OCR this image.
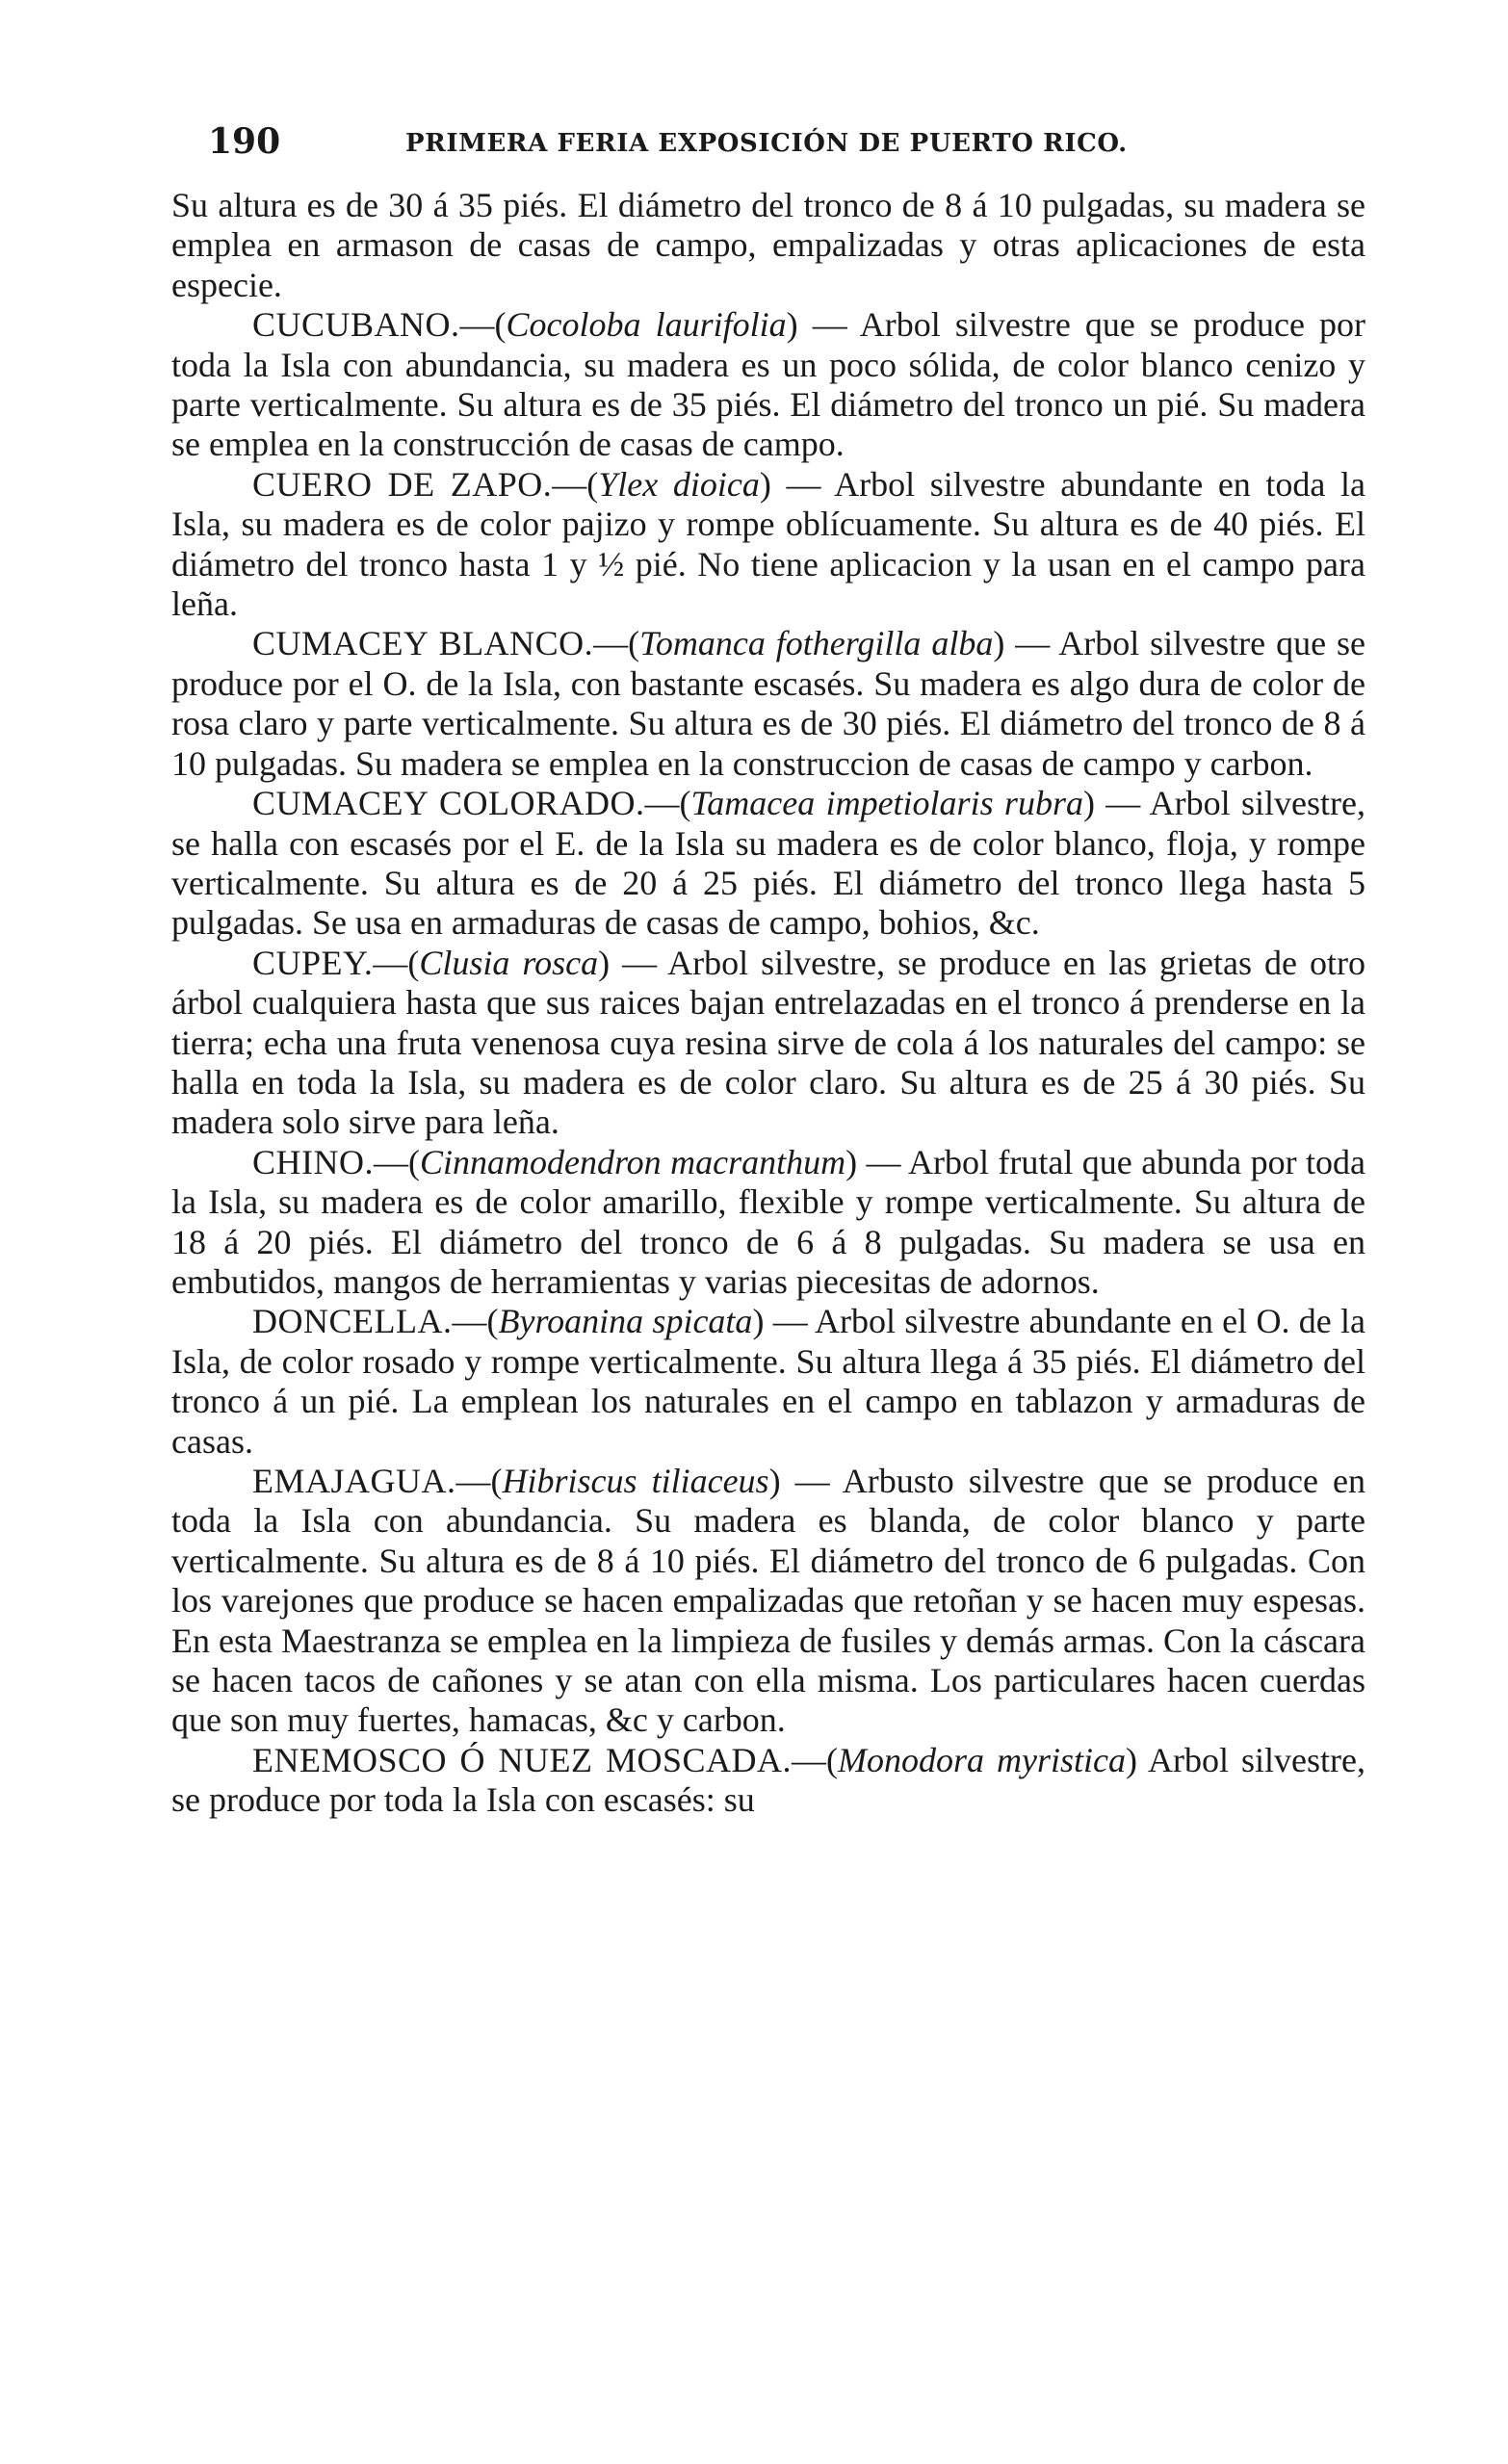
190	PRIMERA FERIA EXPOSICIÓN DE PUERTO RICO.

Su altura es de 30 á 35 piés. El diámetro del tronco de 8 á 10 pulgadas, su madera se emplea en armason de casas de campo, empalizadas y otras aplicaciones de esta especie.

CUCUBANO.—(Cocoloba laurifolia) — Arbol silvestre que se produce por toda la Isla con abundancia, su madera es un poco sólida, de color blanco cenizo y parte verticalmente. Su altura es de 35 piés. El diámetro del tronco un pié. Su madera se emplea en la construcción de casas de campo.

CUERO DE ZAPO.—(Ylex dioica) — Arbol silvestre abundante en toda la Isla, su madera es de color pajizo y rompe oblícuamente. Su altura es de 40 piés. El diámetro del tronco hasta 1 y ½ pié. No tiene aplicacion y la usan en el campo para leña.

CUMACEY BLANCO.—(Tomanca fothergilla alba) — Arbol silvestre que se produce por el O. de la Isla, con bastante escasés. Su madera es algo dura de color de rosa claro y parte verticalmente. Su altura es de 30 piés. El diámetro del tronco de 8 á 10 pulgadas. Su madera se emplea en la construccion de casas de campo y carbon.

CUMACEY COLORADO.—(Tamacea impetiolaris rubra) — Arbol silvestre, se halla con escasés por el E. de la Isla su madera es de color blanco, floja, y rompe verticalmente. Su altura es de 20 á 25 piés. El diámetro del tronco llega hasta 5 pulgadas. Se usa en armaduras de casas de campo, bohios, &c.

CUPEY.—(Clusia rosca) — Arbol silvestre, se produce en las grietas de otro árbol cualquiera hasta que sus raices bajan entrelazadas en el tronco á prenderse en la tierra; echa una fruta venenosa cuya resina sirve de cola á los naturales del campo: se halla en toda la Isla, su madera es de color claro. Su altura es de 25 á 30 piés. Su madera solo sirve para leña.

CHINO.—(Cinnamodendron macranthum) — Arbol frutal que abunda por toda la Isla, su madera es de color amarillo, flexible y rompe verticalmente. Su altura de 18 á 20 piés. El diámetro del tronco de 6 á 8 pulgadas. Su madera se usa en embutidos, mangos de herramientas y varias piecesitas de adornos.

DONCELLA.—(Byroanina spicata) — Arbol silvestre abundante en el O. de la Isla, de color rosado y rompe verticalmente. Su altura llega á 35 piés. El diámetro del tronco á un pié. La emplean los naturales en el campo en tablazon y armaduras de casas.

EMAJAGUA.—(Hibriscus tiliaceus) — Arbusto silvestre que se produce en toda la Isla con abundancia. Su madera es blanda, de color blanco y parte verticalmente. Su altura es de 8 á 10 piés. El diámetro del tronco de 6 pulgadas. Con los varejones que produce se hacen empalizadas que retoñan y se hacen muy espesas. En esta Maestranza se emplea en la limpieza de fusiles y demás armas. Con la cáscara se hacen tacos de cañones y se atan con ella misma. Los particulares hacen cuerdas que son muy fuertes, hamacas, &c y carbon.

ENEMOSCO Ó NUEZ MOSCADA.—(Monodora myristica) Arbol silvestre, se produce por toda la Isla con escasés: su
